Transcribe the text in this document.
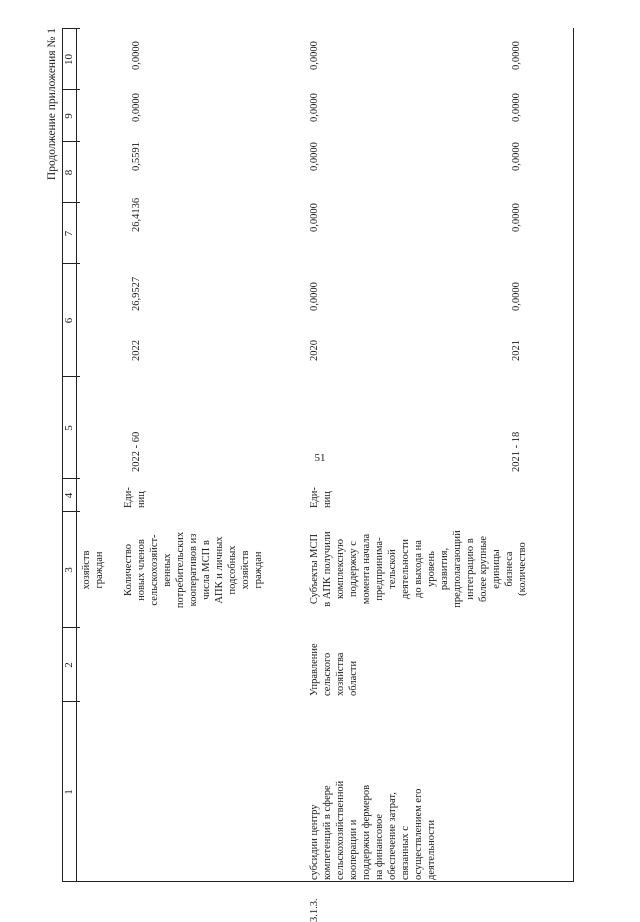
51
Продолжение приложения № 1
1
2
3
4
5
6
7
8
9
10
хозяйств
граждан Количество
новых членов
сельскохозяйст-
венных
потребительских
кооперативов из
числа МСП в
АПК и личных
подсобных
хозяйств
граждан
Еди-
ниц
2022 - 60
2022
26,9527
26,4136
0,5591
0,0000
0,0000
3.1.3.
субсидии центру
компетенций в сфере
сельскохозяйственной
кооперации и
поддержки фермеров
на финансовое
обеспечение затрат,
связанных с
осуществлением его
деятельности
Управление
сельского
хозяйства
области
Субъекты МСП
в АПК получили
комплексную
поддержку с
момента начала
предпринима-
тельской
деятельности
до выхода на
уровень
развития,
предполагающий
интеграцию в
более крупные
единицы
бизнеса
(количество
Еди-
ниц
2020
0,0000
0,0000
0,0000
0,0000
0,0000
2021 - 18
2021
0,0000
0,0000
0,0000
0,0000
0,0000
